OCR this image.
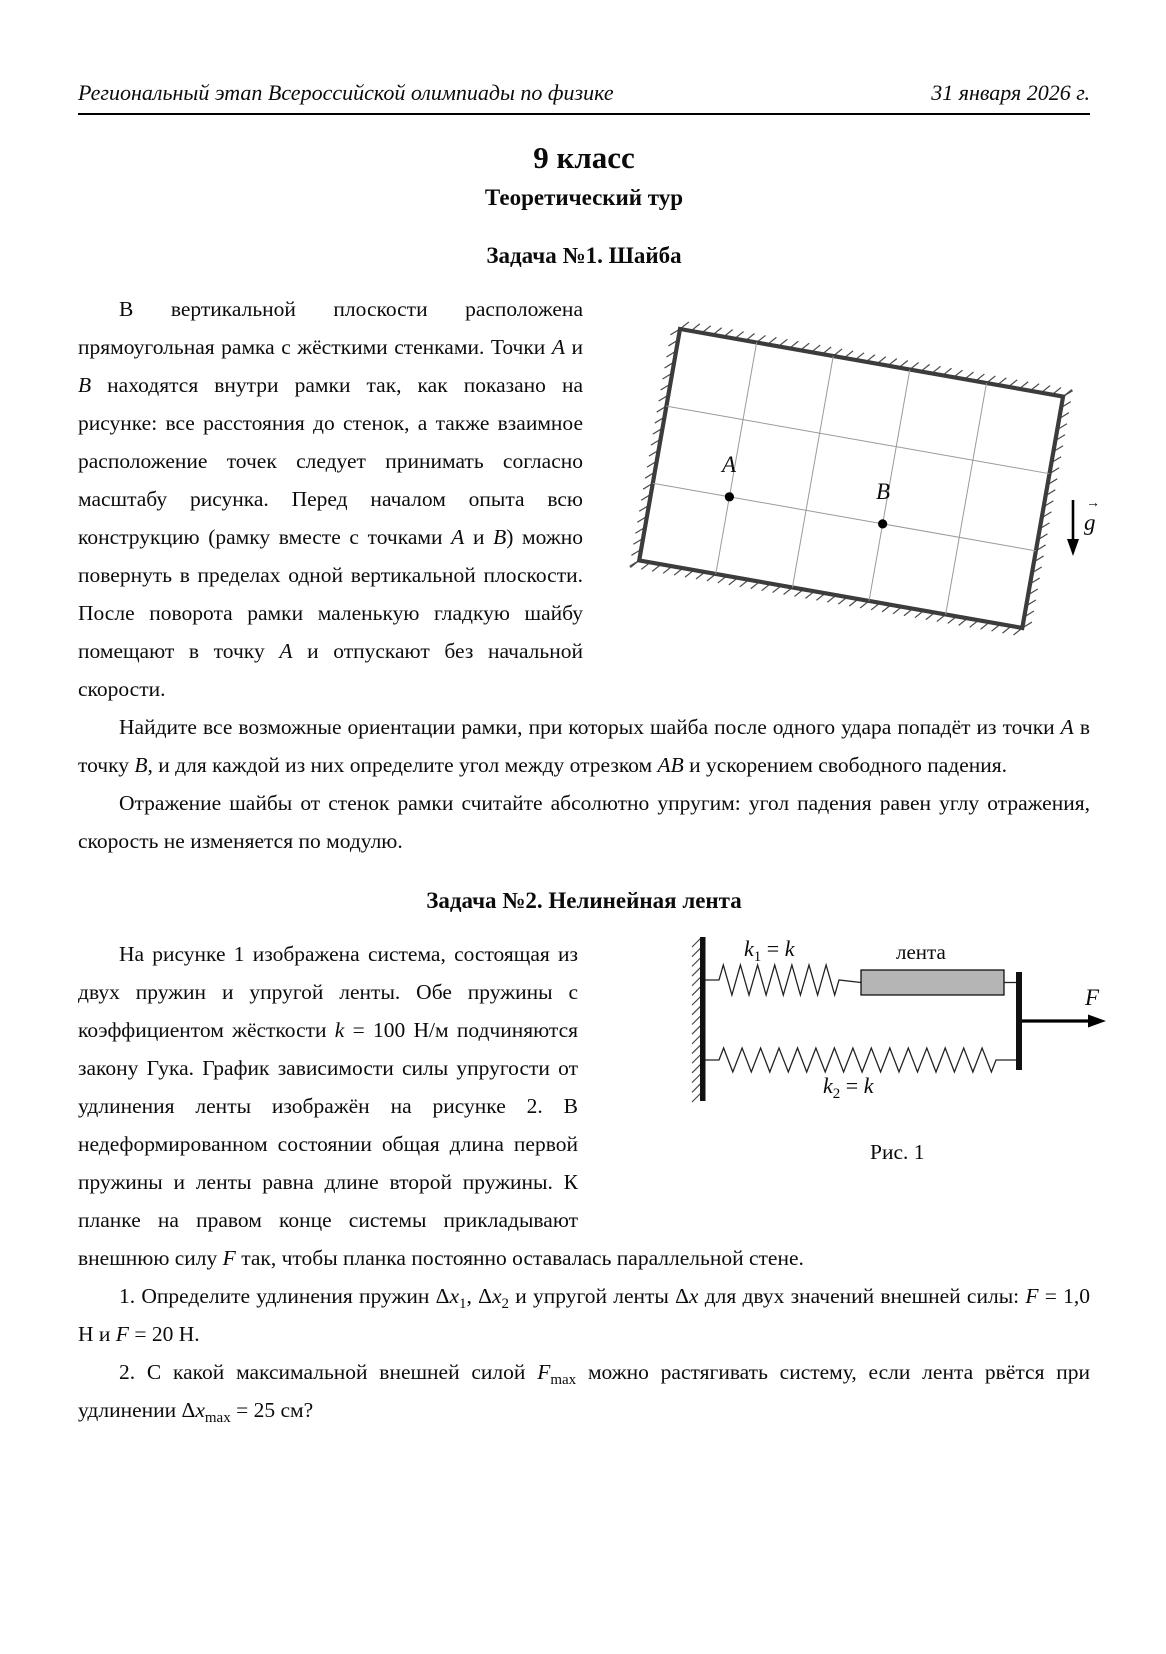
Региональный этап Всероссийской олимпиады по физике	31 января 2026 г.
9 класс
Теоретический тур
Задача №1. Шайба
A
B	→
g
В вертикальной плоскости расположена прямоугольная рамка с жёсткими стенками. Точки A и B находятся внутри рамки так, как показано на рисунке: все расстояния до стенок, а также взаимное расположение точек следует принимать согласно масштабу рисунка. Перед началом опыта всю конструкцию (рамку вместе с точками A и B) можно повернуть в пределах одной вертикальной плоскости. После поворота рамки маленькую гладкую шайбу помещают в точку A и отпускают без начальной скорости.
Найдите все возможные ориентации рамки, при которых шайба после одного удара попадёт из точки A в точку B, и для каждой из них определите угол между отрезком AB и ускорением свободного падения.
Отражение шайбы от стенок рамки считайте абсолютно упругим: угол падения равен углу отражения, скорость не изменяется по модулю.
Задача №2. Нелинейная лента
$k_1 = k$	лента
F
$k_2 = k$
Рис. 1
На рисунке 1 изображена система, состоящая из двух пружин и упругой ленты. Обе пружины с коэффициентом жёсткости k = 100 Н/м подчиняются закону Гука. График зависимости силы упругости от удлинения ленты изображён на рисунке 2. В недеформированном состоянии общая длина первой пружины и ленты равна длине второй пружины. К планке на правом конце системы прикладывают внешнюю силу F так, чтобы планка постоянно оставалась параллельной стене.
1. Определите удлинения пружин $\Delta x_1$, $\Delta x_2$ и упругой ленты Δx для двух значений внешней силы: F = 1,0 Н и F = 20 Н.
2. С какой максимальной внешней силой $F_{max}$ можно растягивать систему, если лента рвётся при удлинении $\Delta x_{max} = 25$ см?
